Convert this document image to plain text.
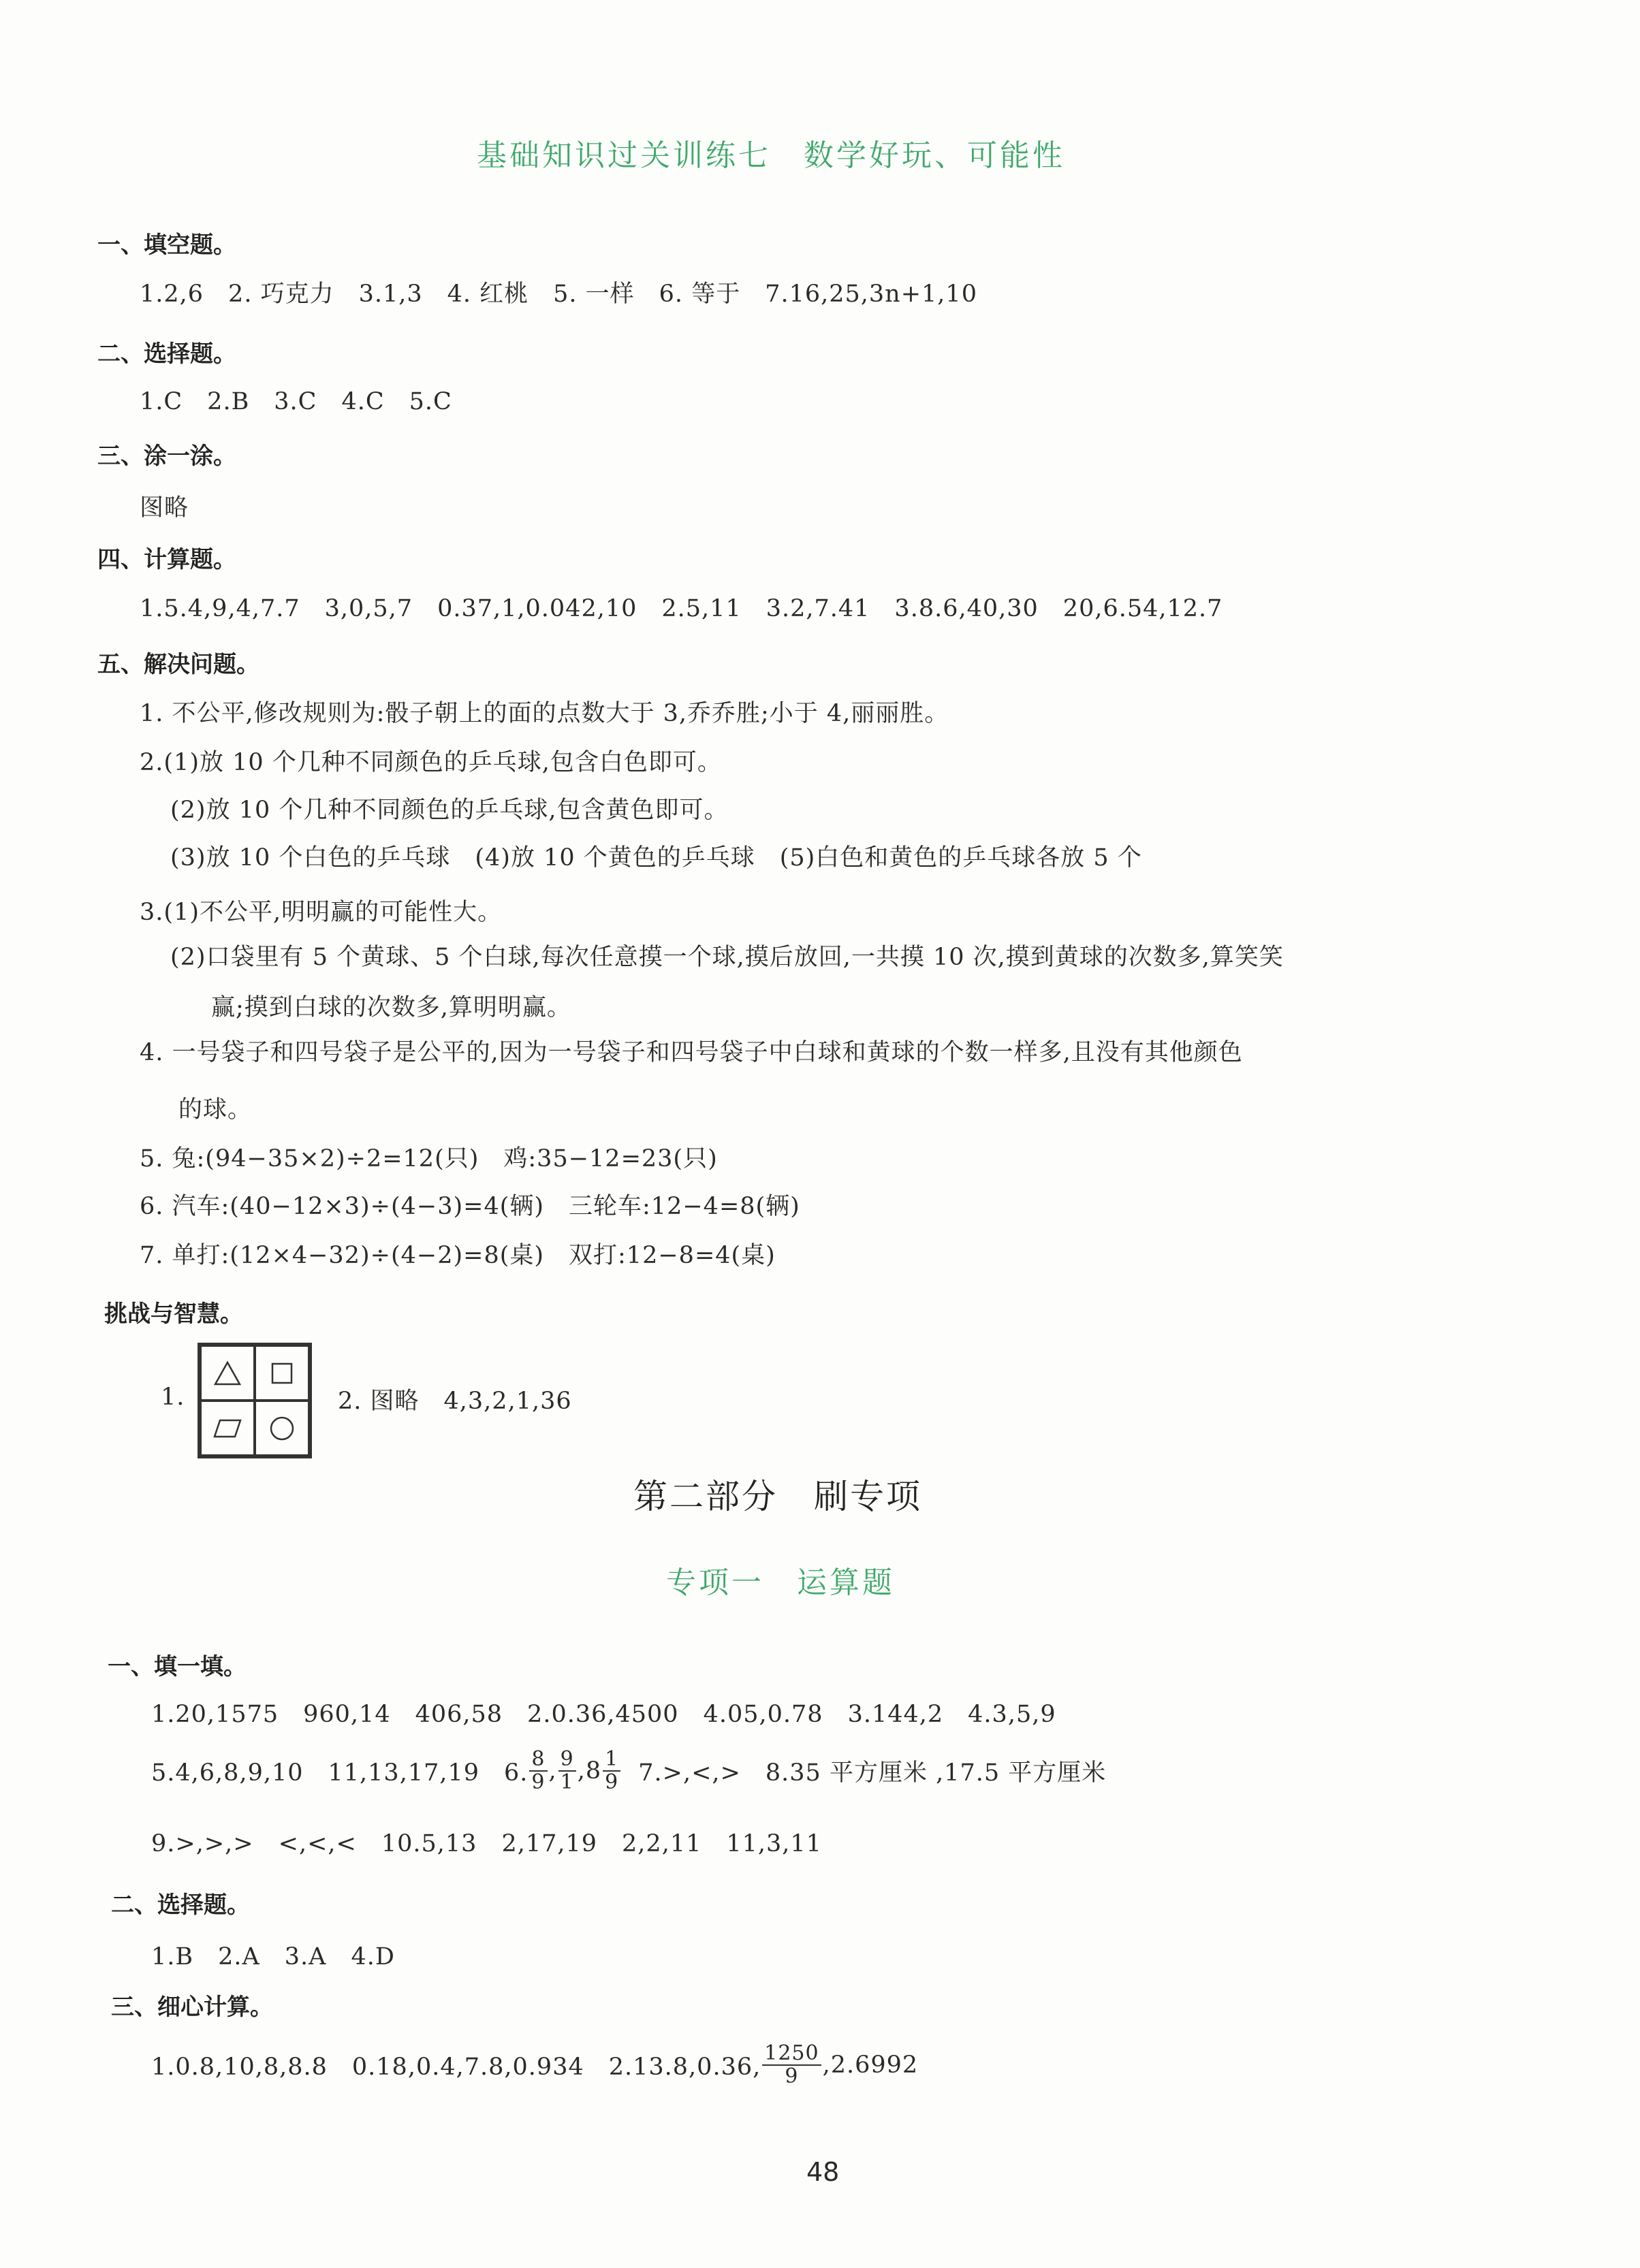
基础知识过关训练七　数学好玩、可能性
一、填空题。
1.2,6　2. 巧克力　3.1,3　4. 红桃　5. 一样　6. 等于　7.16,25,3n+1,10
二、选择题。
1.C　2.B　3.C　4.C　5.C
三、涂一涂。
图略
四、计算题。
1.5.4,9,4,7.7　3,0,5,7　0.37,1,0.042,10　2.5,11　3.2,7.41　3.8.6,40,30　20,6.54,12.7
五、解决问题。
1. 不公平,修改规则为:骰子朝上的面的点数大于 3,乔乔胜;小于 4,丽丽胜。
2.(1)放 10 个几种不同颜色的乒乓球,包含白色即可。
(2)放 10 个几种不同颜色的乒乓球,包含黄色即可。
(3)放 10 个白色的乒乓球　(4)放 10 个黄色的乒乓球　(5)白色和黄色的乒乓球各放 5 个
3.(1)不公平,明明赢的可能性大。
(2)口袋里有 5 个黄球、5 个白球,每次任意摸一个球,摸后放回,一共摸 10 次,摸到黄球的次数多,算笑笑
赢;摸到白球的次数多,算明明赢。
4. 一号袋子和四号袋子是公平的,因为一号袋子和四号袋子中白球和黄球的个数一样多,且没有其他颜色
的球。
5. 兔:(94−35×2)÷2=12(只)　鸡:35−12=23(只)
6. 汽车:(40−12×3)÷(4−3)=4(辆)　三轮车:12−4=8(辆)
7. 单打:(12×4−32)÷(4−2)=8(桌)　双打:12−8=4(桌)
挑战与智慧。
1.	2. 图略　4,3,2,1,36
第二部分　刷专项
专项一　运算题
一、填一填。
1.20,1575　960,14　406,58　2.0.36,4500　4.05,0.78　3.144,2　4.3,5,9
5.4,6,8,9,10　11,13,17,19　6. $\frac{8}{9}$ , $\frac{9}{1}$ , $8 \frac{1}{9} 7.>,<,>$　8.35 平方厘米 ,17.5 平方厘米
9.>,>,>　<,<,<　10.5,13　2,17,19　2,2,11　11,3,11
二、选择题。
1.B　2.A　3.A　4.D
三、细心计算。
1.0.8,10,8,8.8　0.18,0.4,7.8,0.934　2.13.8,0.36, $\frac{1250}{9} ,2.6992$
48
